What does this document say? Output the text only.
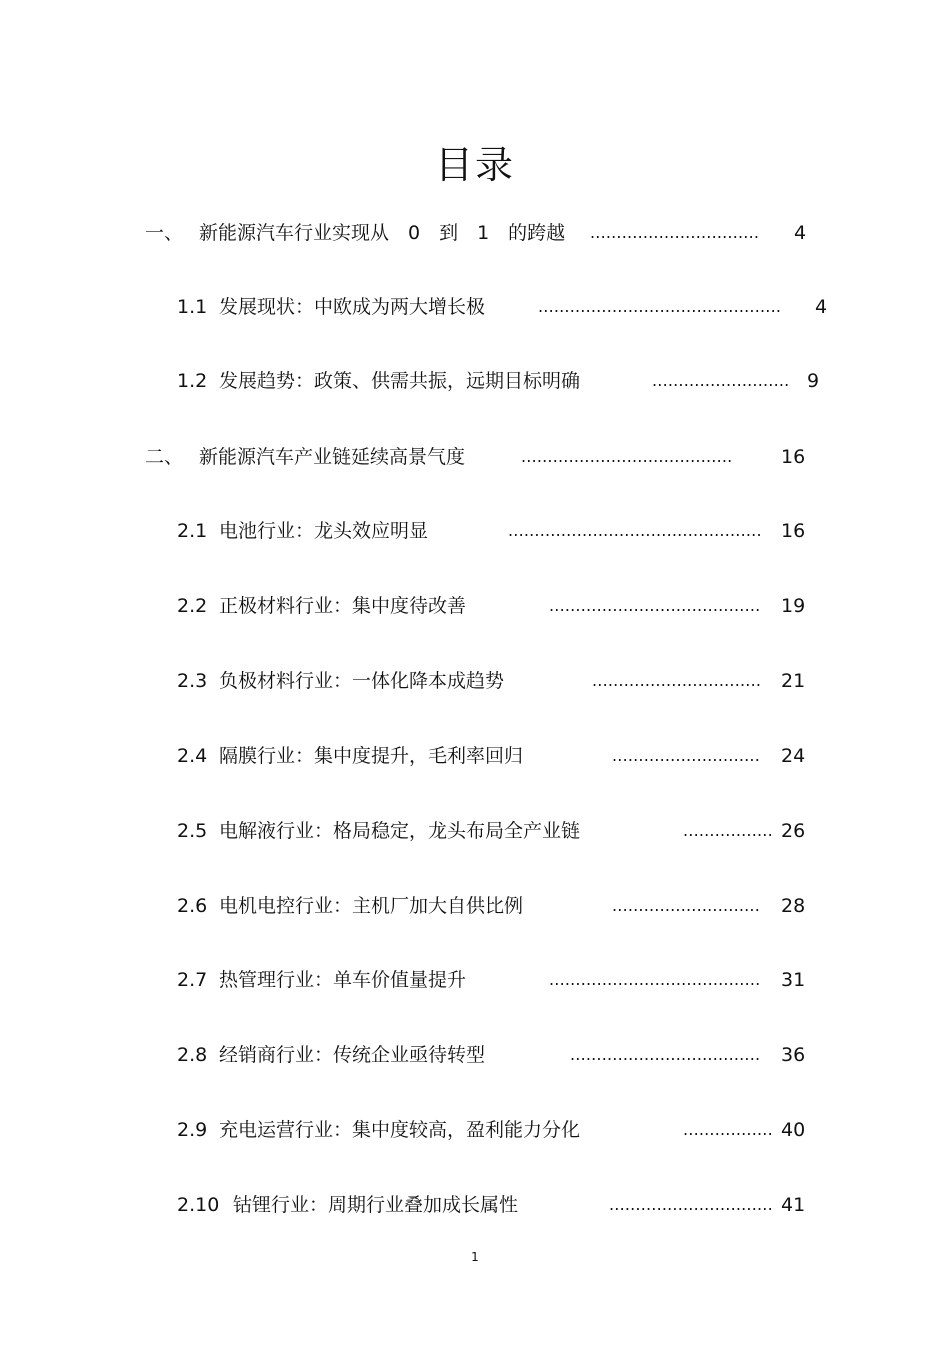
目录
一、 新能源汽车行业实现从　0　到　1　的跨越 ................................ 4
1.1 发展现状：中欧成为两大增长极	.............................................. 4
1.2 发展趋势：政策、供需共振，远期目标明确	.......................... 9
二、 新能源汽车产业链延续高景气度	........................................	16
2.1 电池行业：龙头效应明显	................................................ 16
2.2 正极材料行业：集中度待改善	........................................ 19
2.3 负极材料行业：一体化降本成趋势	................................ 21
2.4 隔膜行业：集中度提升，毛利率回归	............................ 24
2.5 电解液行业：格局稳定，龙头布局全产业链	................. 26
2.6 电机电控行业：主机厂加大自供比例	............................ 28
2.7 热管理行业：单车价值量提升	........................................ 31
2.8 经销商行业：传统企业亟待转型	.................................... 36
2.9 充电运营行业：集中度较高，盈利能力分化	................. 40
2.10 钴锂行业：周期行业叠加成长属性	............................... 41
1
